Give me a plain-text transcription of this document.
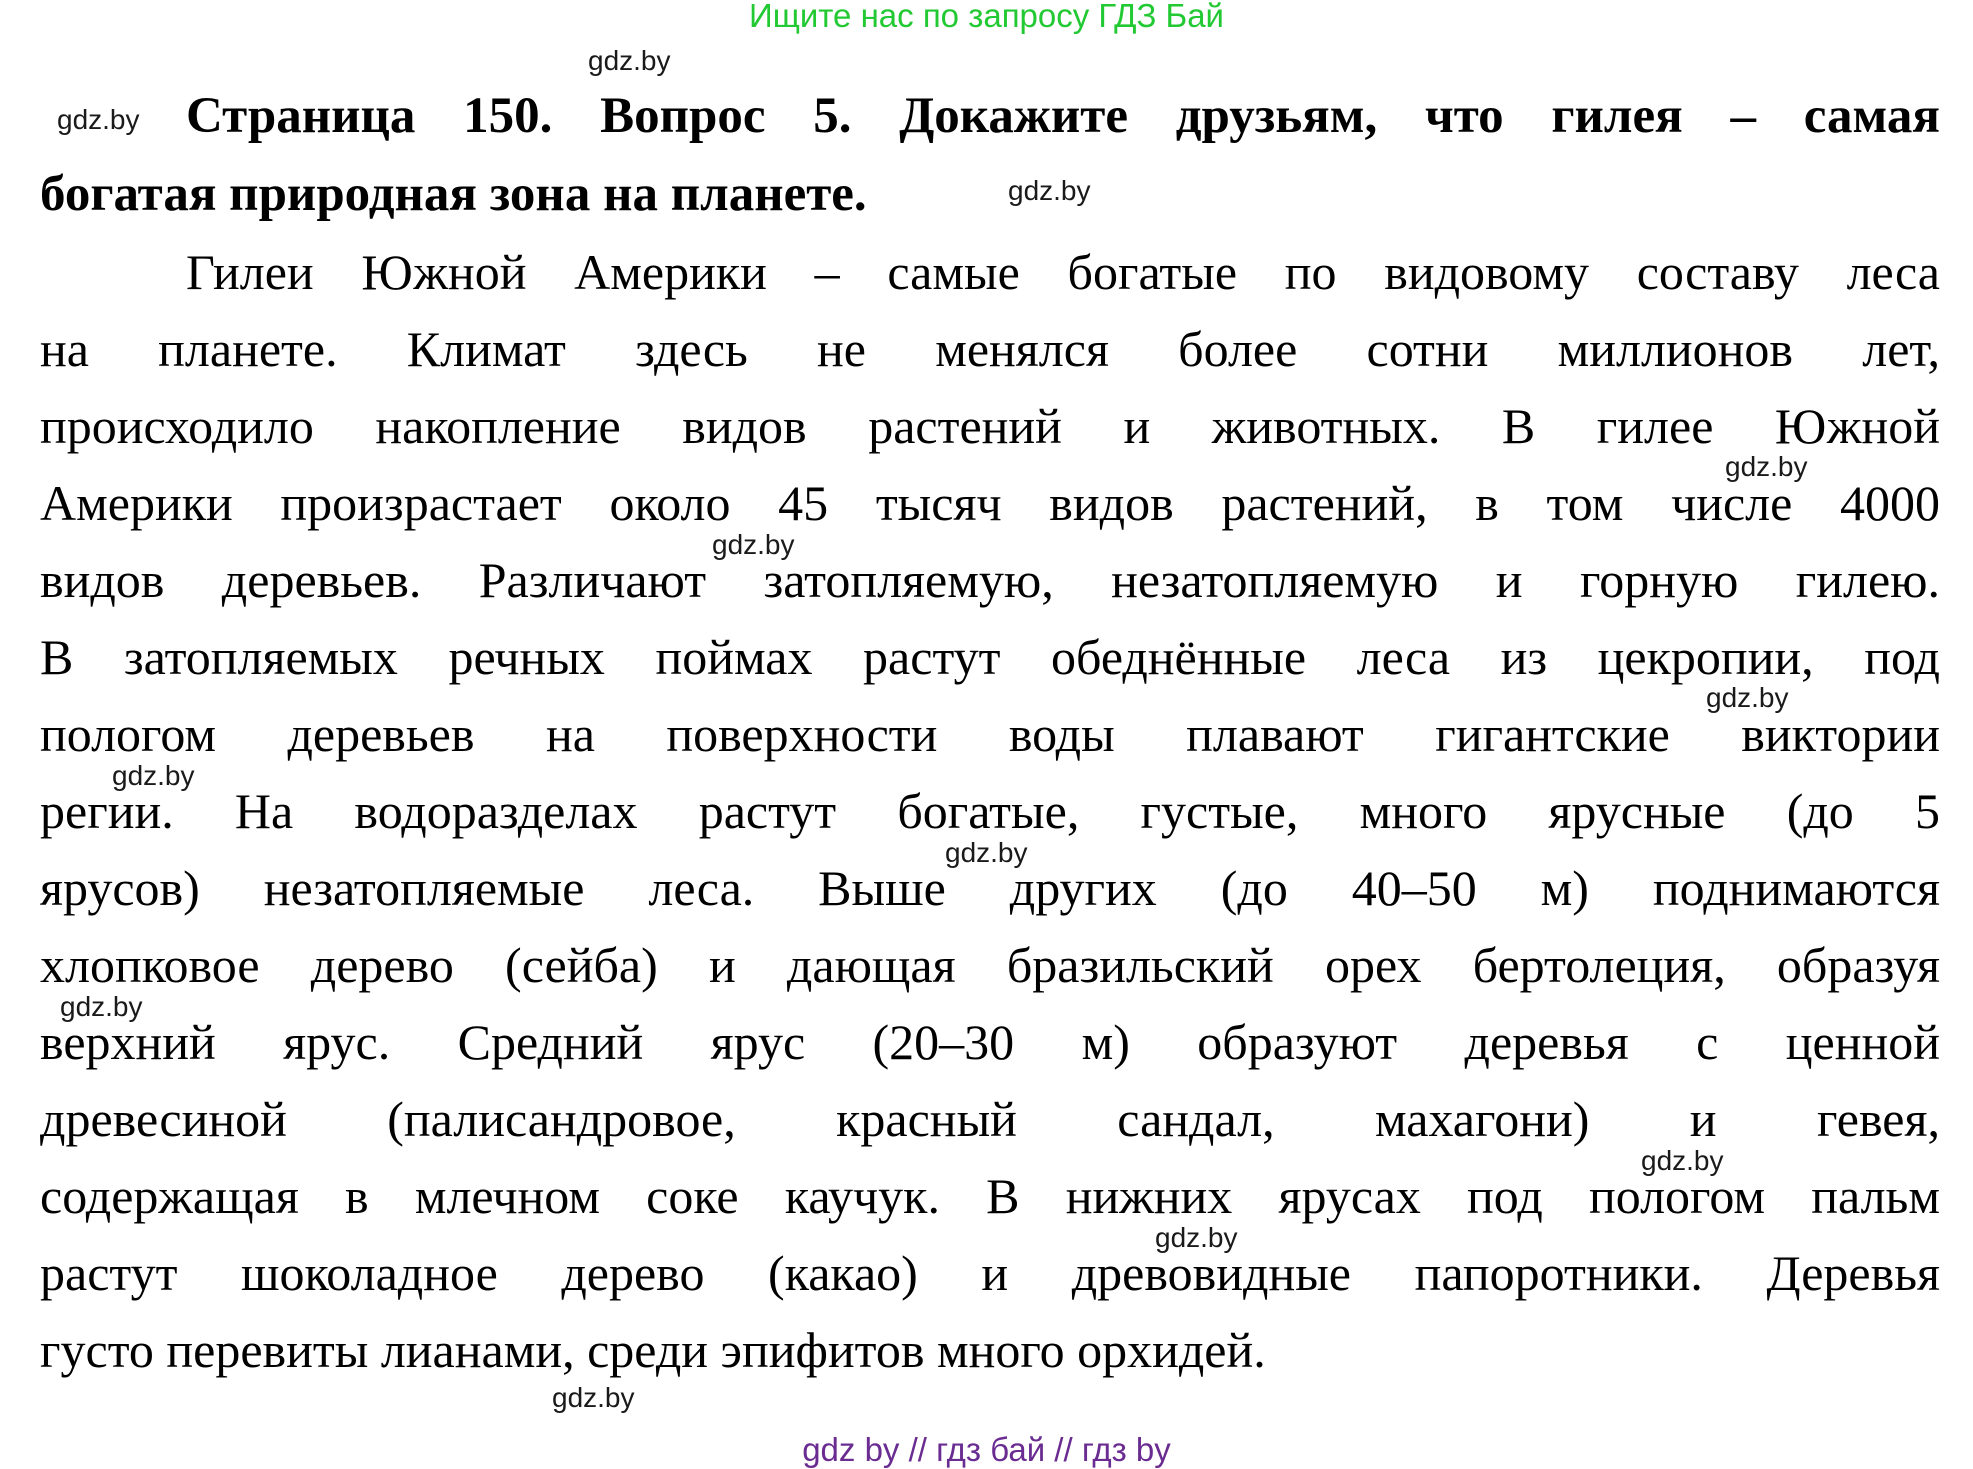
Ищите нас по запросу ГДЗ Бай
gdz.by
gdz.by Страница 150. Вопрос 5. Докажите друзьям, что гилея – самая
богатая природная зона на планете.	gdz.by
Гилеи Южной Америки – самые богатые по видовому составу леса
на планете. Климат здесь не менялся более сотни миллионов лет,
происходило накопление видов растений и животных. В гилее Южной
gdz.by
Америки произрастает около 45 тысяч видов растений, в том числе 4000
gdz.by
видов деревьев. Различают затопляемую, незатопляемую и горную гилею.
В затопляемых речных поймах растут обеднённые леса из цекропии, под
gdz.by
пологом деревьев на поверхности воды плавают гигантские виктории
gdz.by
регии. На водоразделах растут богатые, густые, много ярусные (до 5
gdz.by
ярусов) незатопляемые леса. Выше других (до 40–50 м) поднимаются
хлопковое дерево (сейба) и дающая бразильский орех бертолеция, образуя
gdz.by
верхний ярус. Средний ярус (20–30 м) образуют деревья с ценной
древесиной (палисандровое, красный сандал, махагони) и гевея,
gdz.by
содержащая в млечном соке каучук. В нижних ярусах под пологом пальм
gdz.by
растут шоколадное дерево (какао) и древовидные папоротники. Деревья
густо перевиты лианами, среди эпифитов много орхидей.
gdz.by
gdz by // гдз бай // гдз by
